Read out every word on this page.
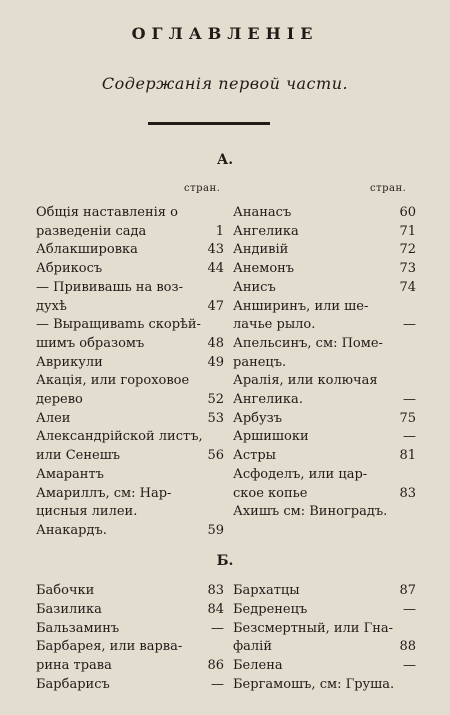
ОГЛАВЛЕНІЕ
Содержанія первой части.
А.
стран.	стран.
Б.
Общія наставленія о
разведеніи сада	1
Аблакшировка	43
Абрикосъ	44
— Прививашь на воз-
духѣ	47
— Выращиваmь скорѣй-
шимъ образомъ	48
Аврикули	49
Акація, или гороховое
дерево	52
Алеи	53
Александрійской листъ,
или Сенешъ	56
Амарантъ
Амариллъ, см: Нар-
цисныя лилеи.
Анакардъ.	59
Ананасъ	60
Ангелика	71
Андивій	72
Анемонъ	73
Анисъ	74
Анширинъ, или ше-
лачье рыло.	—
Апельсинъ, см: Поме-
ранецъ.
Аралія, или колючая
Ангелика.	—
Арбузъ	75
Аршишоки	—
Астры	81
Асфоделъ, или цар-
ское копье	83
Ахишъ см: Виноградъ.
Бабочки	83
Базилика	84
Бальзаминъ	—
Барбарея, или варва-
рина трава	86
Барбарисъ	—
Бархатцы	87
Бедренецъ	—
Безсмертный, или Гна-
фалій	88
Белена	—
Бергамошъ, см: Груша.
